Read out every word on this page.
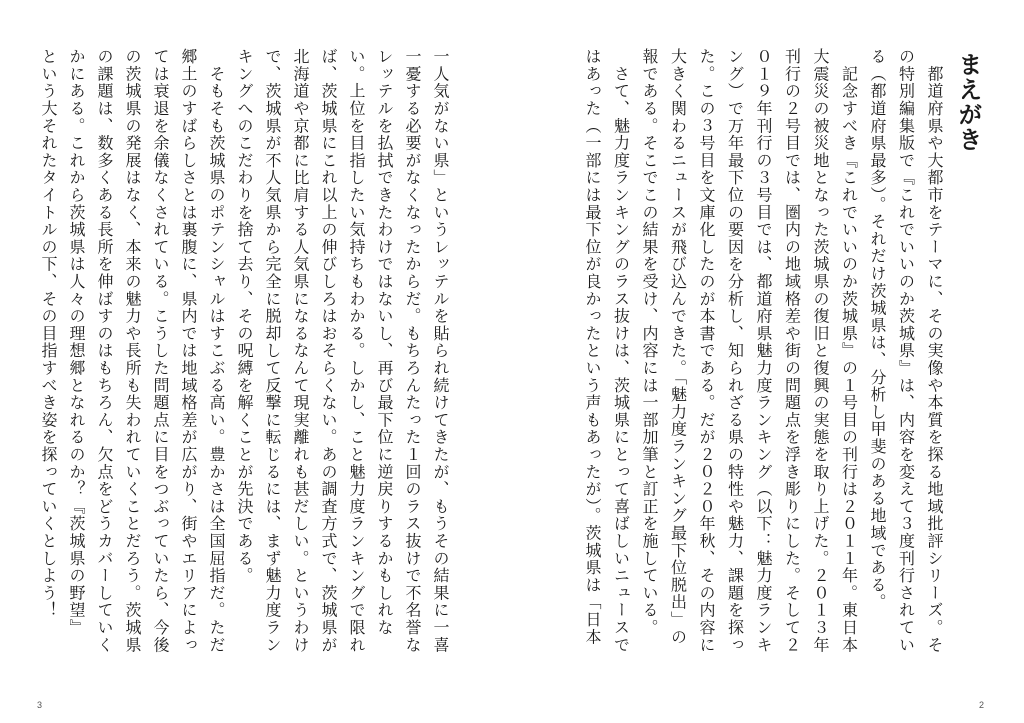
一人気がない県」というレッテルを貼られ続けてきたが、もうその結果に一喜
一憂する必要がなくなったからだ。もちろんたった１回のラス抜けで不名誉な
レッテルを払拭できたわけではないし、再び最下位に逆戻りするかもしれな
い。上位を目指したい気持ちもわかる。しかし、こと魅力度ランキングで限れ
ば、茨城県にこれ以上の伸びしろはおそらくない。あの調査方式で、茨城県が
北海道や京都に比肩する人気県になるなんて現実離れも甚だしい。というわけ
で、茨城県が不人気県から完全に脱却して反撃に転じるには、まず魅力度ラン
キングへのこだわりを捨て去り、その呪縛を解くことが先決である。
　そもそも茨城県のポテンシャルはすこぶる高い。豊かさは全国屈指だ。ただ
郷土のすばらしさとは裏腹に、県内では地域格差が広がり、街やエリアによっ
ては衰退を余儀なくされている。こうした問題点に目をつぶっていたら、今後
の茨城県の発展はなく、本来の魅力や長所も失われていくことだろう。茨城県
の課題は、数多くある長所を伸ばすのはもちろん、欠点をどうカバーしていく
かにある。これから茨城県は人々の理想郷となれるのか？『茨城県の野望』
という大それたタイトルの下、その目指すべき姿を探っていくとしよう！
3
まえがき
　都道府県や大都市をテーマに、その実像や本質を探る地域批評シリーズ。そ
の特別編集版で『これでいいのか茨城県』は、内容を変えて３度刊行されてい
る（都道府県最多）。それだけ茨城県は、分析し甲斐のある地域である。
　記念すべき『これでいいのか茨城県』の１号目の刊行は２０１１年。東日本
大震災の被災地となった茨城県の復旧と復興の実態を取り上げた。２０１３年
刊行の２号目では、圏内の地域格差や街の問題点を浮き彫りにした。そして２
０１９年刊行の３号目では、都道府県魅力度ランキング（以下：魅力度ランキ
ング）で万年最下位の要因を分析し、知られざる県の特性や魅力、課題を探っ
た。この３号目を文庫化したのが本書である。だが２０２０年秋、その内容に
大きく関わるニュースが飛び込んできた。「魅力度ランキング最下位脱出」の
報である。そこでこの結果を受け、内容には一部加筆と訂正を施している。
　さて、魅力度ランキングのラス抜けは、茨城県にとって喜ばしいニュースで
はあった（一部には最下位が良かったという声もあったが）。茨城県は「日本
2
